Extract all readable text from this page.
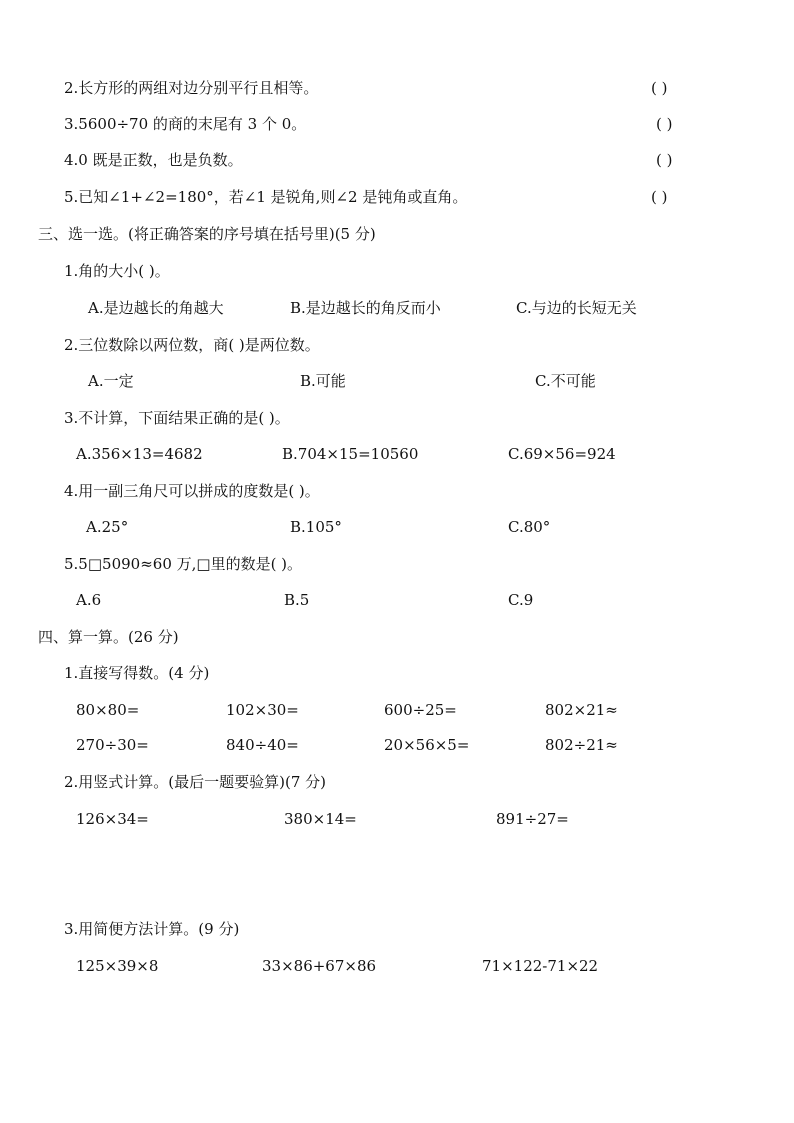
2.长方形的两组对边分别平行且相等。	( )
3.5600÷70 的商的末尾有 3 个 0。	( )
4.0 既是正数，也是负数。	( )
5.已知∠1+∠2=180°，若∠1 是锐角,则∠2 是钝角或直角。	( )
三、选一选。(将正确答案的序号填在括号里)(5 分)
1.角的大小( )。
A.是边越长的角越大	B.是边越长的角反而小	C.与边的长短无关
2.三位数除以两位数，商( )是两位数。
A.一定	B.可能	C.不可能
3.不计算，下面结果正确的是( )。
A.356×13=4682	B.704×15=10560	C.69×56=924
4.用一副三角尺可以拼成的度数是( )。
A.25°	B.105°	C.80°
5.5□5090≈60 万,□里的数是( )。
A.6	B.5	C.9
四、算一算。(26 分)
1.直接写得数。(4 分)
80×80=	102×30=	600÷25=	802×21≈
270÷30=	840÷40=	20×56×5=	802÷21≈
2.用竖式计算。(最后一题要验算)(7 分)
126×34=	380×14=	891÷27=
3.用简便方法计算。(9 分)
125×39×8	33×86+67×86	71×122-71×22
